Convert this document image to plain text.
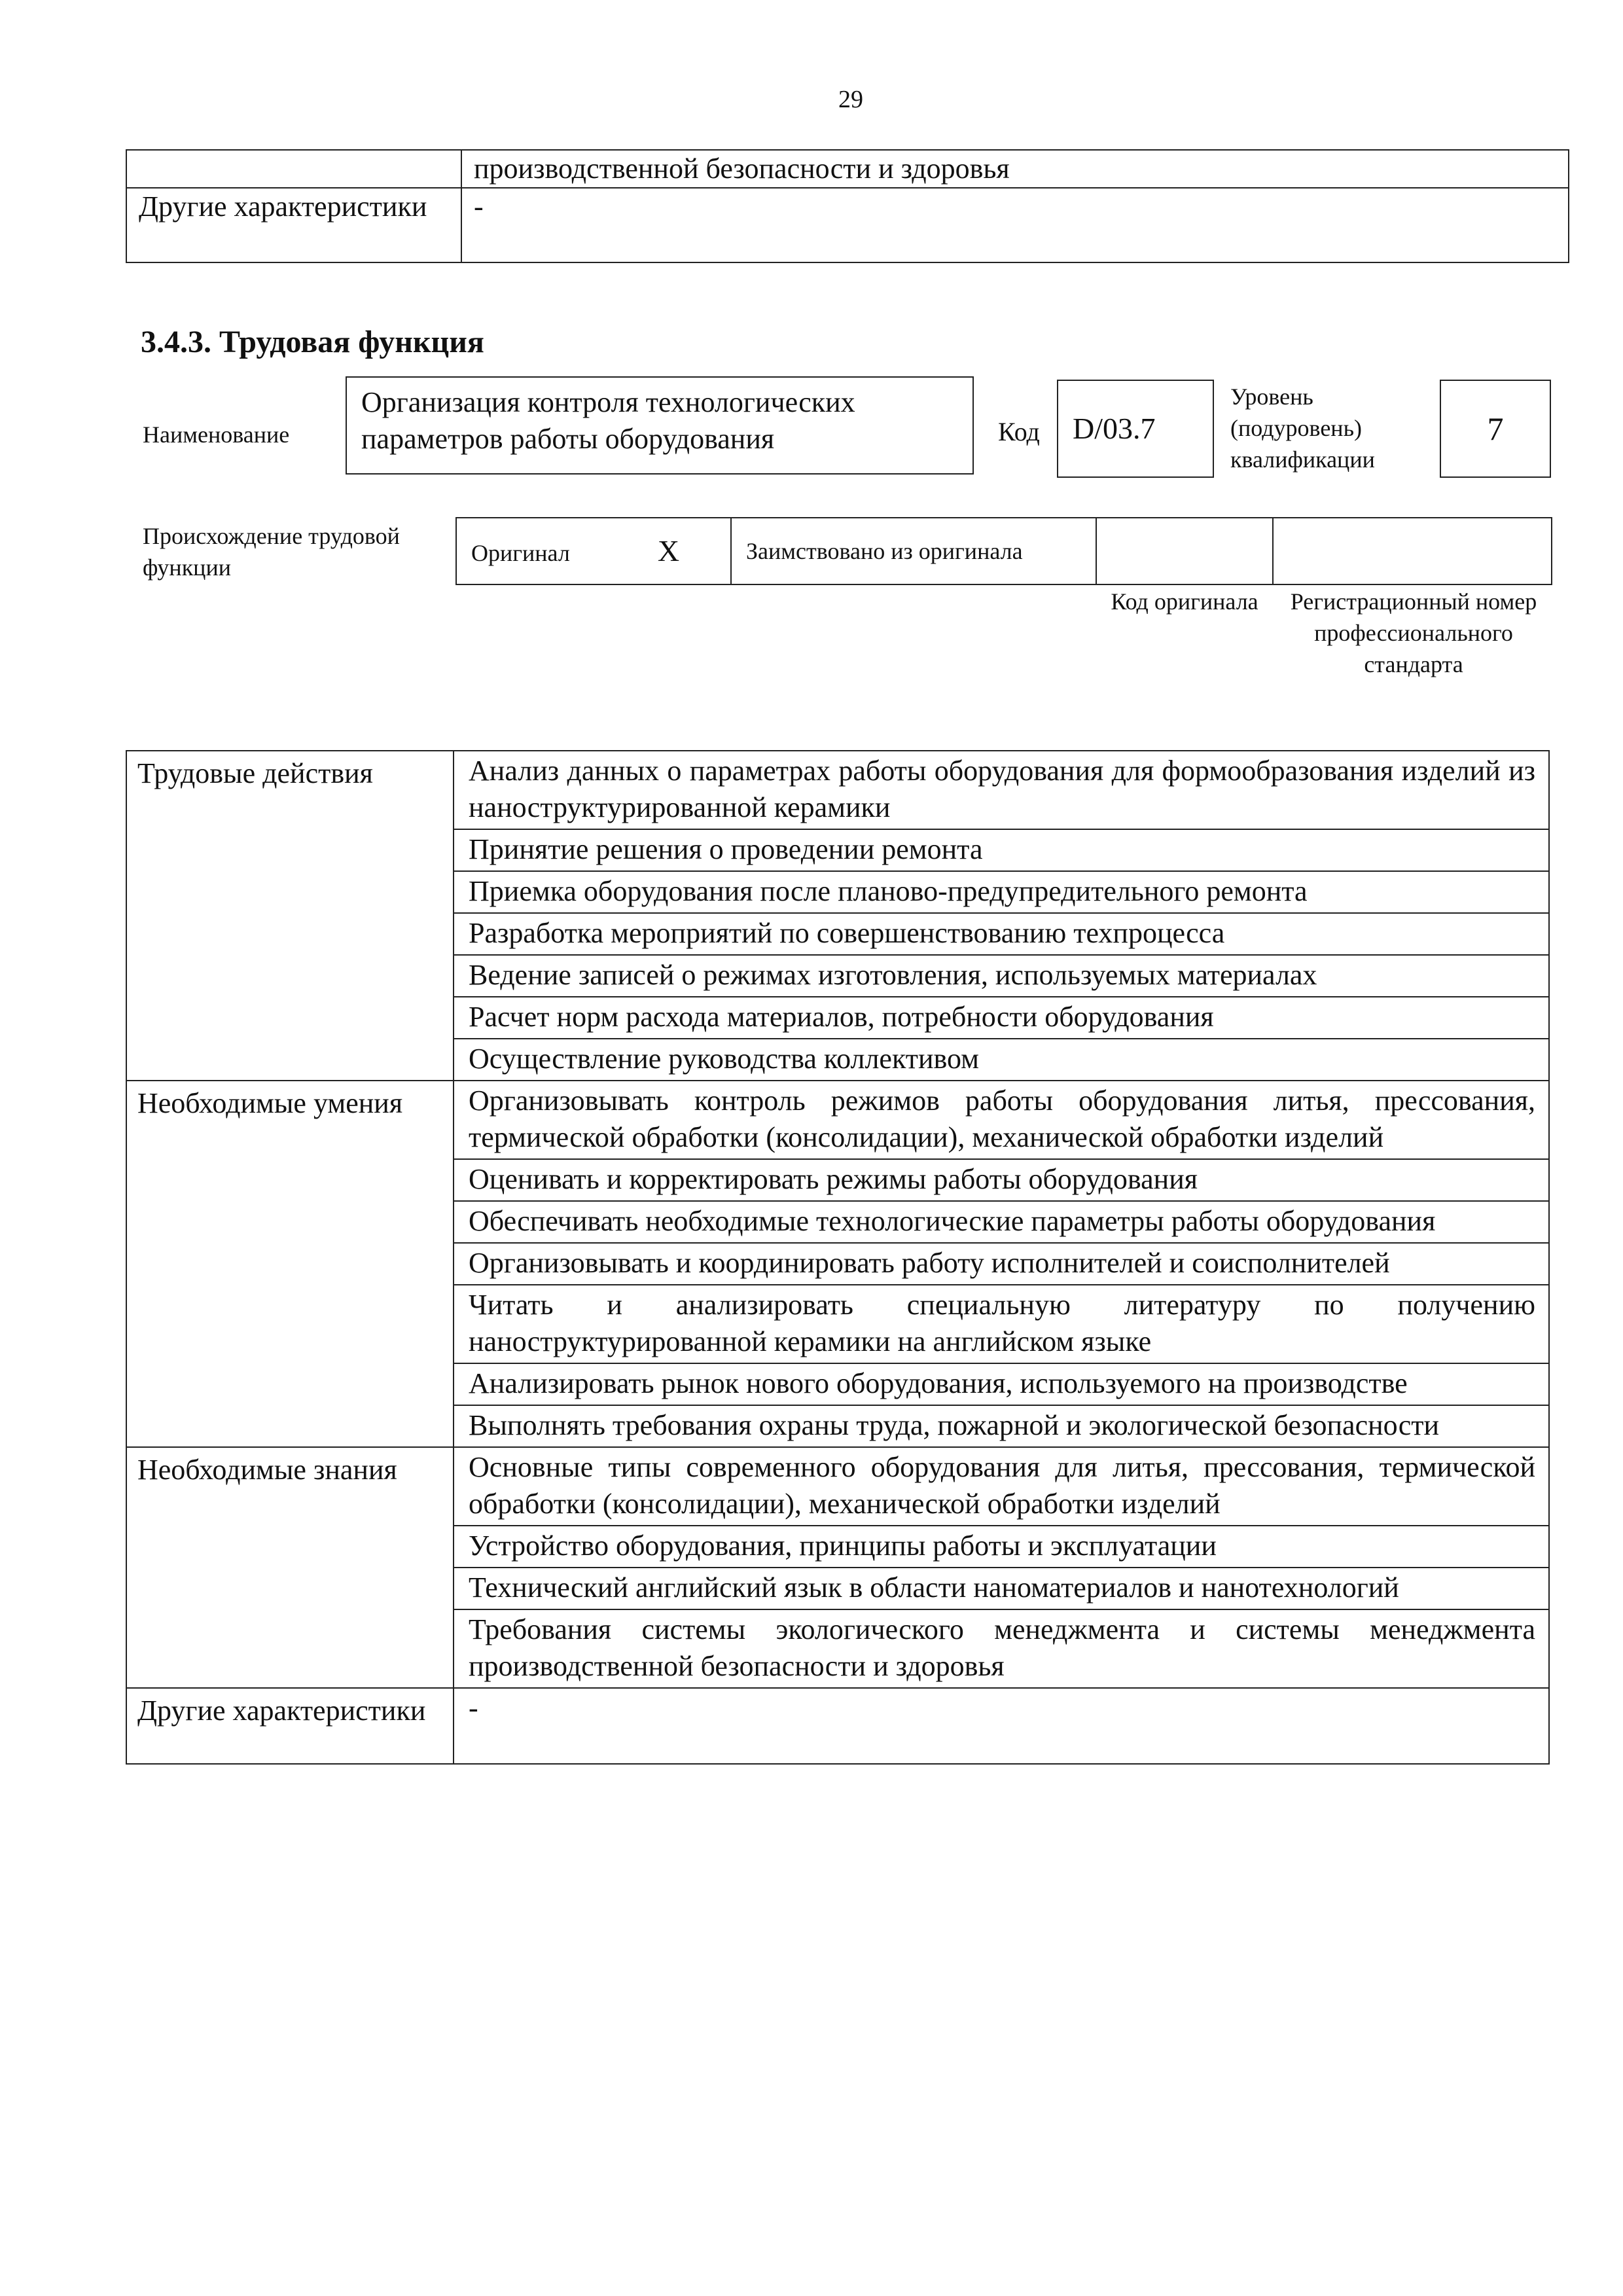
29
	производственной безопасности и здоровья
Другие характеристики	-
3.4.3. Трудовая функция
Наименование
Организация контроля технологических параметров работы оборудования	Код	D/03.7
Уровень (подуровень) квалификации
7
Происхождение трудовой функции
Оригинал	X	Заимствовано из оригинала		
Код оригинала	Регистрационный номер профессионального стандарта
Трудовые действия	Анализ данных о параметрах работы оборудования для формообразования изделий из наноструктурированной керамики
	Принятие решения о проведении ремонта
	Приемка оборудования после планово-предупредительного ремонта
	Разработка мероприятий по совершенствованию техпроцесса
	Ведение записей о режимах изготовления, используемых материалах
	Расчет норм расхода материалов, потребности оборудования
	Осуществление руководства коллективом
Необходимые умения	Организовывать контроль режимов работы оборудования литья, прессования, термической обработки (консолидации), механической обработки изделий
	Оценивать и корректировать режимы работы оборудования
	Обеспечивать необходимые технологические параметры работы оборудования
	Организовывать и координировать работу исполнителей и соисполнителей
	Читать и анализировать специальную литературу по получению наноструктурированной керамики на английском языке
	Анализировать рынок нового оборудования, используемого на производстве
	Выполнять требования охраны труда, пожарной и экологической безопасности
Необходимые знания	Основные типы современного оборудования для литья, прессования, термической обработки (консолидации), механической обработки изделий
	Устройство оборудования, принципы работы и эксплуатации
	Технический английский язык в области наноматериалов и нанотехнологий
	Требования системы экологического менеджмента и системы менеджмента производственной безопасности и здоровья
Другие характеристики	-
